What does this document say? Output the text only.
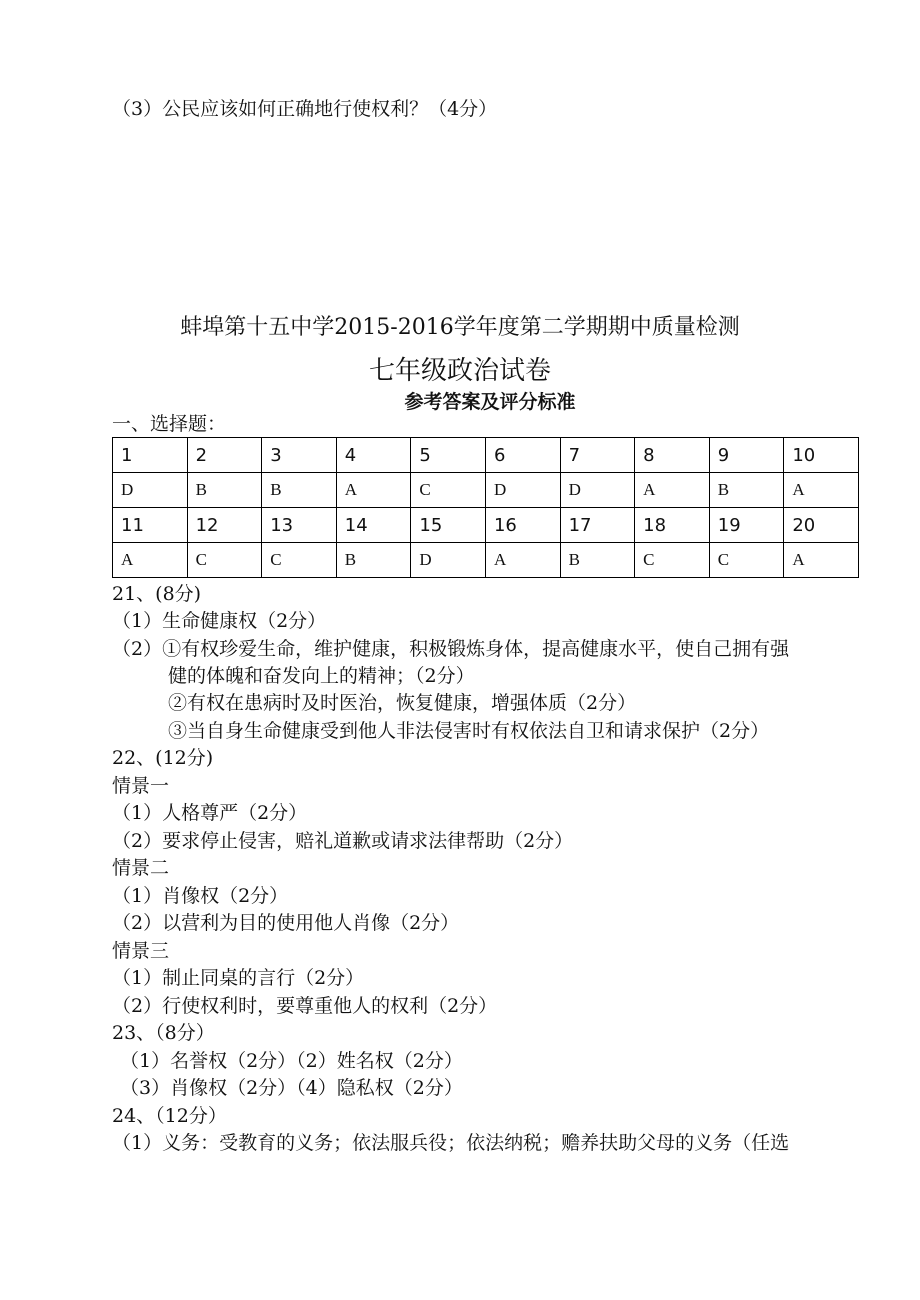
（3）公民应该如何正确地行使权利？（4分）
蚌埠第十五中学2015-2016学年度第二学期期中质量检测
七年级政治试卷
参考答案及评分标准
一、选择题：
1	2	3	4	5	6	7	8	9	10
D	B	B	A	C	D	D	A	B	A
11	12	13	14	15	16	17	18	19	20
A	C	C	B	D	A	B	C	C	A
21、(8分)
（1）生命健康权（2分）
（2）①有权珍爱生命，维护健康，积极锻炼身体，提高健康水平，使自己拥有强
健的体魄和奋发向上的精神；（2分）
②有权在患病时及时医治，恢复健康，增强体质（2分）
③当自身生命健康受到他人非法侵害时有权依法自卫和请求保护（2分）
22、(12分)
情景一
（1）人格尊严（2分）
（2）要求停止侵害，赔礼道歉或请求法律帮助（2分）
情景二
（1）肖像权（2分）
（2）以营利为目的使用他人肖像（2分）
情景三
（1）制止同桌的言行（2分）
（2）行使权利时，要尊重他人的权利（2分）
23、（8分）
（1）名誉权（2分）（2）姓名权（2分）
（3）肖像权（2分）（4）隐私权（2分）
24、（12分）
（1）义务：受教育的义务；依法服兵役；依法纳税；赡养扶助父母的义务（任选
